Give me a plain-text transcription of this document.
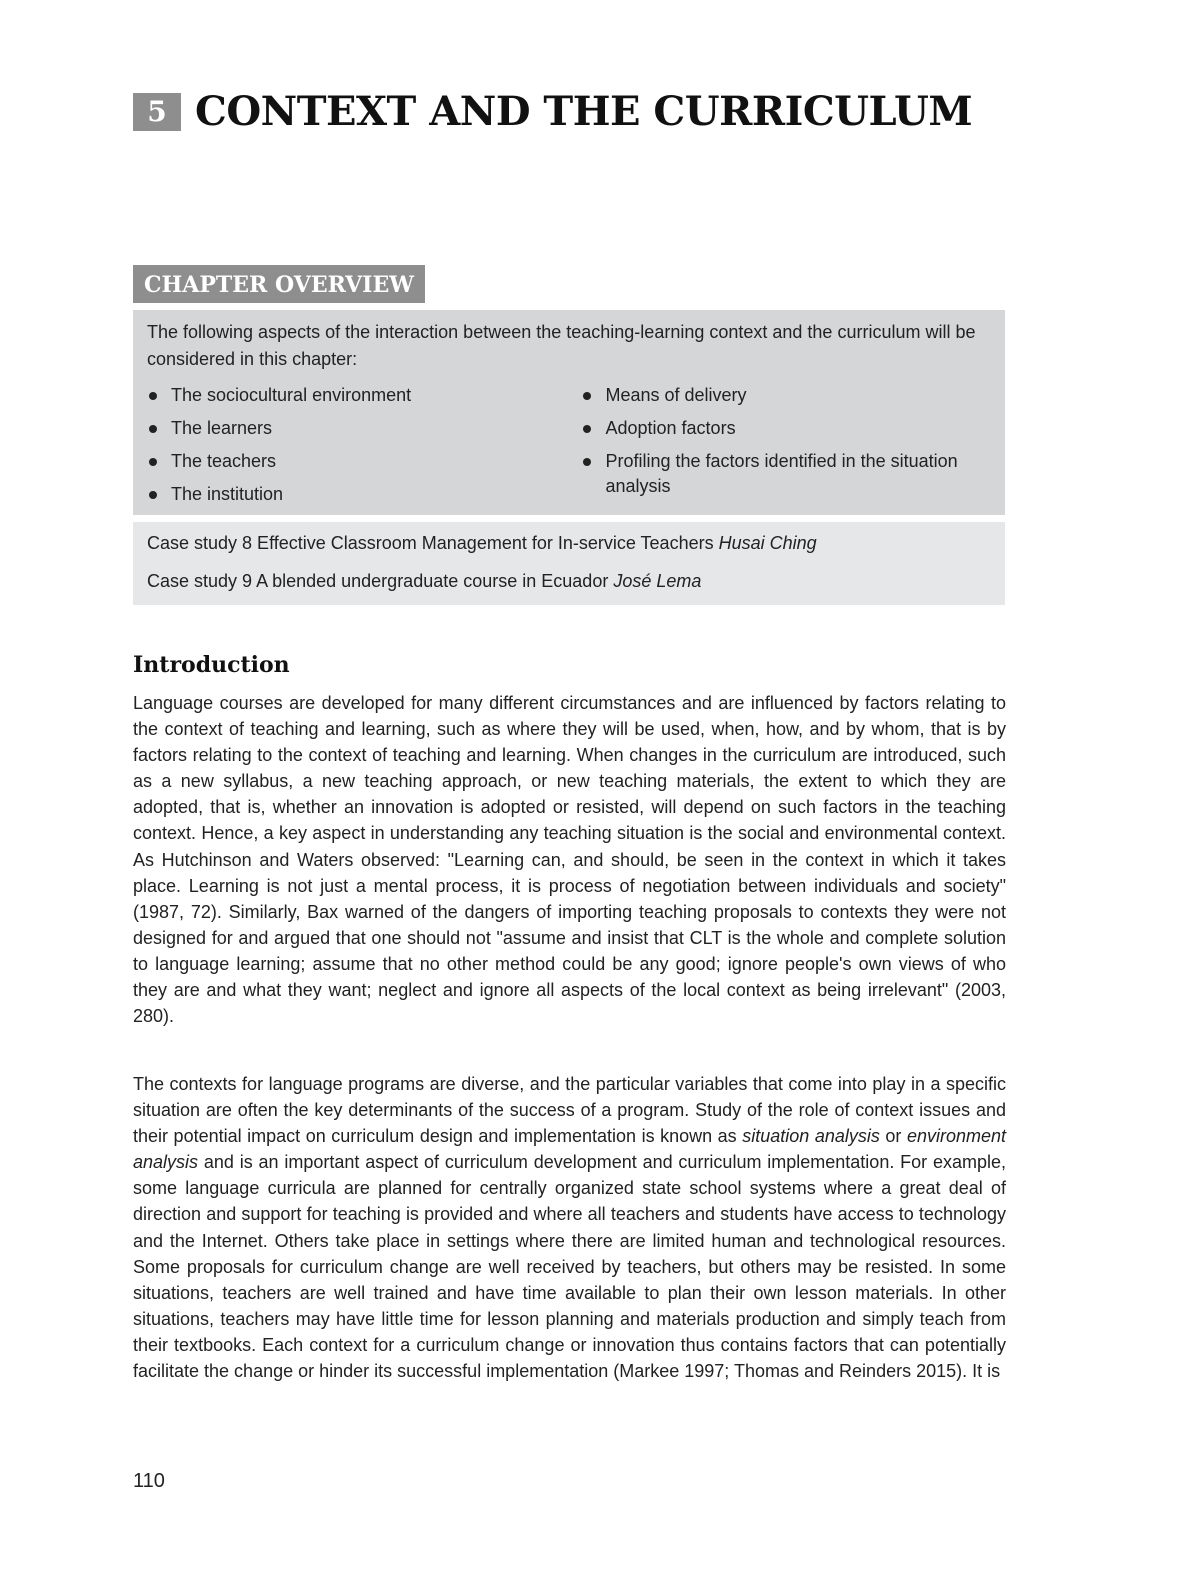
5 CONTEXT AND THE CURRICULUM
CHAPTER OVERVIEW

The following aspects of the interaction between the teaching-learning context and the curriculum will be considered in this chapter:

The sociocultural environment
The learners
The teachers
The institution
Means of delivery
Adoption factors
Profiling the factors identified in the situation analysis

Case study 8 Effective Classroom Management for In-service Teachers Husai Ching

Case study 9 A blended undergraduate course in Ecuador José Lema

Introduction

Language courses are developed for many different circumstances and are influenced by factors relating to the context of teaching and learning, such as where they will be used, when, how, and by whom, that is by factors relating to the context of teaching and learning. When changes in the curriculum are introduced, such as a new syllabus, a new teaching approach, or new teaching materials, the extent to which they are adopted, that is, whether an innovation is adopted or resisted, will depend on such factors in the teaching context. Hence, a key aspect in understanding any teaching situation is the social and environmental context. As Hutchinson and Waters observed: "Learning can, and should, be seen in the context in which it takes place. Learning is not just a mental process, it is process of negotiation between individuals and society" (1987, 72). Similarly, Bax warned of the dangers of importing teaching proposals to contexts they were not designed for and argued that one should not "assume and insist that CLT is the whole and complete solution to language learning; assume that no other method could be any good; ignore people's own views of who they are and what they want; neglect and ignore all aspects of the local context as being irrelevant" (2003, 280).

The contexts for language programs are diverse, and the particular variables that come into play in a specific situation are often the key determinants of the success of a program. Study of the role of context issues and their potential impact on curriculum design and implementation is known as situation analysis or environment analysis and is an important aspect of curriculum development and curriculum implementation. For example, some language curricula are planned for centrally organized state school systems where a great deal of direction and support for teaching is provided and where all teachers and students have access to technology and the Internet. Others take place in settings where there are limited human and technological resources. Some proposals for curriculum change are well received by teachers, but others may be resisted. In some situations, teachers are well trained and have time available to plan their own lesson materials. In other situations, teachers may have little time for lesson planning and materials production and simply teach from their textbooks. Each context for a curriculum change or innovation thus contains factors that can potentially facilitate the change or hinder its successful implementation (Markee 1997; Thomas and Reinders 2015). It is

110
